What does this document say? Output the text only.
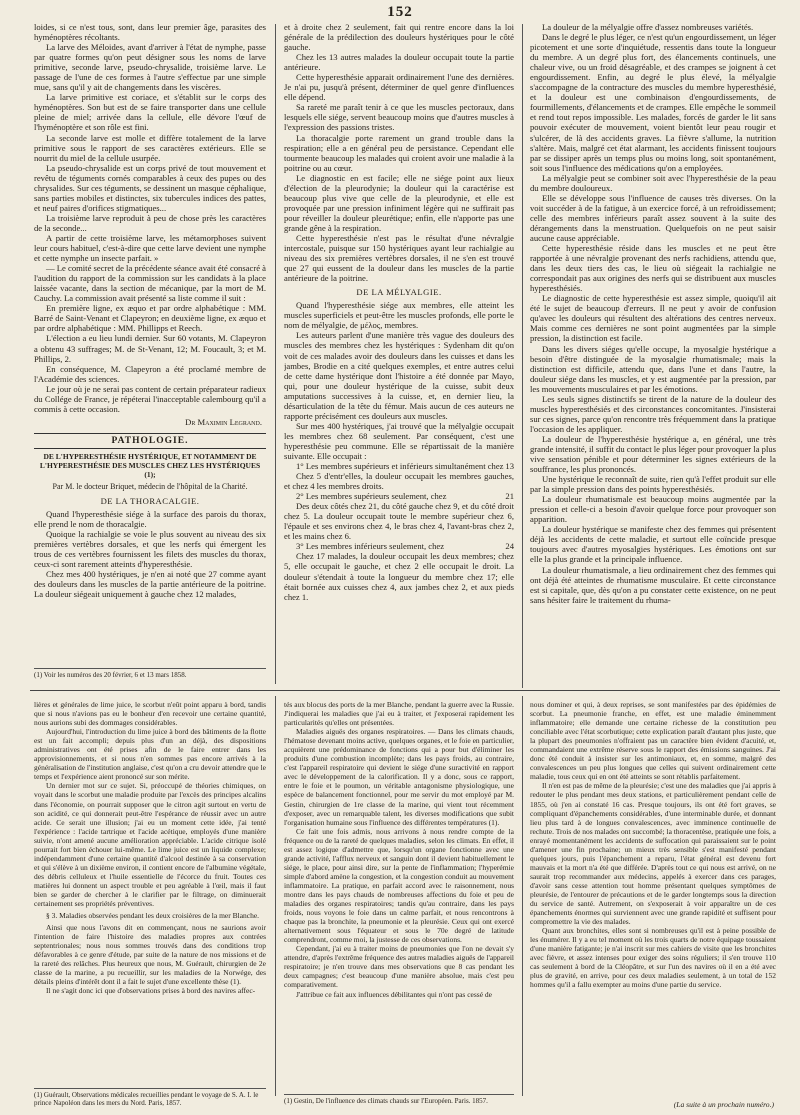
152

loides, si ce n'est tous, sont, dans leur premier âge, parasites des hyménoptères récoltants.

La larve des Méloides, avant d'arriver à l'état de nymphe, passe par quatre formes qu'on peut désigner sous les noms de larve primitive, seconde larve, pseudo-chrysalide, troisième larve. Le passage de l'une de ces formes à l'autre s'effectue par une simple mue, sans qu'il y ait de changements dans les viscères.

La larve primitive est coriace, et s'établit sur le corps des hyménoptères. Son but est de se faire transporter dans une cellule pleine de miel; arrivée dans la cellule, elle dévore l'œuf de l'hyménoptère et son rôle est fini.

La seconde larve est molle et diffère totalement de la larve primitive sous le rapport de ses caractères extérieurs. Elle se nourrit du miel de la cellule usurpée.

La pseudo-chrysalide est un corps privé de tout mouvement et revêtu de téguments cornés comparables à ceux des pupes ou des chrysalides. Sur ces téguments, se dessinent un masque céphalique, sans parties mobiles et distinctes, six tubercules indices des pattes, et neuf paires d'orifices stigmatiques...

La troisième larve reproduit à peu de chose près les caractères de la seconde...

A partir de cette troisième larve, les métamorphoses suivent leur cours habituel, c'est-à-dire que cette larve devient une nymphe et cette nymphe un insecte parfait. »

— Le comité secret de la précédente séance avait été consacré à l'audition du rapport de la commission sur les candidats à la place laissée vacante, dans la section de mécanique, par la mort de M. Cauchy. La commission avait présenté sa liste comme il suit :

En première ligne, ex æquo et par ordre alphabétique : MM. Barré de Saint-Venant et Clapeyron; en deuxième ligne, ex æquo et par ordre alphabétique : MM. Phillipps et Reech.

L'élection a eu lieu lundi dernier. Sur 60 votants, M. Clapeyron a obtenu 43 suffrages; M. de St-Venant, 12; M. Foucault, 3; et M. Phillips, 2.

En conséquence, M. Clapeyron a été proclamé membre de l'Académie des sciences.

Le jour où je ne serai pas content de certain préparateur radieux du Collége de France, je répéterai l'inacceptable calembourg qu'il a commis à cette occasion.

Dr Maximin Legrand.
PATHOLOGIE.
DE L'HYPERESTHÉSIE HYSTÉRIQUE, ET NOTAMMENT DE L'HYPERESTHÉSIE DES MUSCLES CHEZ LES HYSTÉRIQUES (1);
Par M. le docteur Briquet, médecin de l'hôpital de la Charité.
DE LA THORACALGIE.

Quand l'hyperesthésie siége à la surface des parois du thorax, elle prend le nom de thoracalgie.

Quoique la rachialgie se voie le plus souvent au niveau des six premières vertèbres dorsales, et que les nerfs qui émergent les trous de ces vertèbres fournissent les filets des muscles du thorax, ceux-ci sont rarement atteints d'hyperesthésie.

Chez mes 400 hystériques, je n'en ai noté que 27 comme ayant des douleurs dans les muscles de la partie antérieure de la poitrine. La douleur siégeait uniquement à gauche chez 12 malades,

(1) Voir les numéros des 20 février, 6 et 13 mars 1858.

et à droite chez 2 seulement, fait qui rentre encore dans la loi générale de la prédilection des douleurs hystériques pour le côté gauche.

Chez les 13 autres malades la douleur occupait toute la partie antérieure.

Cette hyperesthésie apparait ordinairement l'une des dernières. Je n'ai pu, jusqu'à présent, déterminer de quel genre d'influences elle dépend.

Sa rareté me paraît tenir à ce que les muscles pectoraux, dans lesquels elle siége, servent beaucoup moins que d'autres muscles à l'expression des passions tristes.

La thoracalgie porte rarement un grand trouble dans la respiration; elle a en général peu de persistance. Cependant elle tourmente beaucoup les malades qui croient avoir une maladie à la poitrine ou au cœur.

Le diagnostic en est facile; elle ne siége point aux lieux d'élection de la pleurodynie; la douleur qui la caractérise est beaucoup plus vive que celle de la pleurodynie, et elle est provoquée par une pression infiniment légère qui ne suffirait pas pour réveiller la douleur pleurétique; enfin, elle n'apporte pas une grande gêne à la respiration.

Cette hyperesthésie n'est pas le résultat d'une névralgie intercostale, puisque sur 150 hystériques ayant leur rachialgie au niveau des six premières vertèbres dorsales, il ne s'en est trouvé que 27 qui eussent de la douleur dans les muscles de la partie antérieure de la poitrine.

DE LA MÉLYALGIE.

Quand l'hyperesthésie siége aux membres, elle atteint les muscles superficiels et peut-être les muscles profonds, elle porte le nom de mélyalgie, de μέλος, membres.

Les auteurs parlent d'une manière très vague des douleurs des muscles des membres chez les hystériques : Sydenham dit qu'on voit de ces malades avoir des douleurs dans les cuisses et dans les jambes, Brodie en a cité quelques exemples, et entre autres celui de cette dame hystérique dont l'histoire a été donnée par Mayo, qui, pour une douleur hystérique de la cuisse, subit deux amputations successives à la cuisse, et, en dernier lieu, la désarticulation de la tête du fémur. Mais aucun de ces auteurs ne rapporte précisément ces douleurs aux muscles.

Sur mes 400 hystériques, j'ai trouvé que la mélyalgie occupait les membres chez 68 seulement. Par conséquent, c'est une hyperesthésie peu commune. Elle se répartissait de la manière suivante. Elle occupait :

1° Les membres supérieurs et inférieurs simultanément chez 13

Chez 5 d'entr'elles, la douleur occupait les membres gauches, et chez 4 les membres droits.

2° Les membres supérieurs seulement, chez	21

Des deux côtés chez 21, du côté gauche chez 9, et du côté droit chez 5. La douleur occupait toute le membre supérieur chez 6, l'épaule et ses environs chez 4, le bras chez 4, l'avant-bras chez 2, et les mains chez 6.

3° Les membres inférieurs seulement, chez	24

Chez 17 malades, la douleur occupait les deux membres; chez 5, elle occupait le gauche, et chez 2 elle occupait le droit. La douleur s'étendait à toute la longueur du membre chez 17; elle était bornée aux cuisses chez 4, aux jambes chez 2, et aux pieds chez 1.

La douleur de la mélyalgie offre d'assez nombreuses variétés.

Dans le degré le plus léger, ce n'est qu'un engourdissement, un léger picotement et une sorte d'inquiétude, ressentis dans toute la longueur du membre. A un degré plus fort, des élancements continuels, une chaleur vive, ou un froid désagréable, et des crampes se joignent à cet engourdissement. Enfin, au degré le plus élevé, la mélyalgie s'accompagne de la contracture des muscles du membre hyperesthésié, et la douleur est une combinaison d'engourdissements, de fourmillements, d'élancements et de crampes. Elle empêche le sommeil et rend tout repos impossible. Les malades, forcés de garder le lit sans pouvoir exécuter de mouvement, voient bientôt leur peau rougir et s'ulcérer, de là des accidents graves. La fièvre s'allume, la nutrition s'altère. Mais, malgré cet état alarmant, les accidents finissent toujours par se dissiper après un temps plus ou moins long, soit spontanément, soit sous l'influence des médications qu'on a employées.

La mélyalgie peut se combiner soit avec l'hyperesthésie de la peau du membre douloureux.

Elle se développe sous l'influence de causes très diverses. On la voit succéder à de la fatigue, à un exercice forcé, à un refroidissement; celle des membres inférieurs paraît assez souvent à la suite des dérangements dans la menstruation. Quelquefois on ne peut saisir aucune cause appréciable.

Cette hyperesthésie réside dans les muscles et ne peut être rapportée à une névralgie provenant des nerfs rachidiens, attendu que, dans les deux tiers des cas, le lieu où siégeait la rachialgie ne correspondait pas aux origines des nerfs qui se distribuent aux muscles hyperesthésiés.

Le diagnostic de cette hyperesthésie est assez simple, quoiqu'il ait été le sujet de beaucoup d'erreurs. Il ne peut y avoir de confusion qu'avec les douleurs qui résultent des altérations des centres nerveux. Mais comme ces dernières ne sont point augmentées par la simple pression, la distinction est facile.

Dans les divers siéges qu'elle occupe, la myosalgie hystérique a besoin d'être distinguée de la myosalgie rhumatismale; mais la distinction est difficile, attendu que, dans l'une et dans l'autre, la douleur siége dans les muscles, et y est augmentée par la pression, par les mouvements musculaires et par les émotions.

Les seuls signes distinctifs se tirent de la nature de la douleur des muscles hyperesthésiés et des circonstances concomitantes. J'insisterai sur ces signes, parce qu'on rencontre très fréquemment dans la pratique l'occasion de les appliquer.

La douleur de l'hyperesthésie hystérique a, en général, une très grande intensité, il suffit du contact le plus léger pour provoquer la plus vive sensation pénible et pour déterminer les signes extérieurs de la souffrance, les plus prononcés.

Une hystérique le reconnaît de suite, rien qu'à l'effet produit sur elle par la simple pression dans des points hyperesthésiés.

La douleur rhumatismale est beaucoup moins augmentée par la pression et celle-ci a besoin d'avoir quelque force pour provoquer son apparition.

La douleur hystérique se manifeste chez des femmes qui présentent déjà les accidents de cette maladie, et surtout elle coïncide presque toujours avec d'autres myosalgies hystériques. Les émotions ont sur elle la plus grande et la principale influence.

La douleur rhumatismale, a lieu ordinairement chez des femmes qui ont déjà été atteintes de rhumatisme musculaire. Et cette circonstance est si capitale, que, dès qu'on a pu constater cette existence, on ne peut sans hésiter faire le traitement du rhuma-

lières et générales de lime juice, le scorbut n'eût point apparu à bord, tandis que si nous n'avions pas eu le bonheur d'en recevoir une certaine quantité, nous aurions subi des dommages considérables.

Aujourd'hui, l'introduction du lime juice à bord des bâtiments de la flotte est un fait accompli; depuis plus d'un an déjà, des dispositions administratives ont été prises afin de le faire entrer dans les approvisionnements, et si nous n'en sommes pas encore arrivés à la généralisation de l'institution anglaise, c'est qu'on a cru devoir attendre que le temps et l'expérience aient prononcé sur son mérite.

Un dernier mot sur ce sujet. Si, préoccupé de théories chimiques, on voyait dans le scorbut une maladie produite par l'excès des principes alcalins dans l'économie, on pourrait supposer que le citron agit surtout en vertu de son acidité, ce qui donnerait peut-être l'espérance de réussir avec un autre acide. Ce serait une illusion; j'ai eu un moment cette idée, j'ai tenté l'expérience : l'acide tartrique et l'acide acétique, employés d'une manière suivie, n'ont amené aucune amélioration appréciable. L'acide citrique isolé pourrait fort bien échouer lui-même. Le lime juice est un liquide complexe; indépendamment d'une certaine quantité d'alcool destinée à sa conservation et qui s'élève à un dixième environ, il contient encore de l'albumine végétale, des débris celluleux et l'huile essentielle de l'écorce du fruit. Toutes ces matières lui donnent un aspect trouble et peu agréable à l'œil, mais il faut bien se garder de chercher à le clarifier par le filtrage, on diminuerait certainement ses propriétés préventives.

§ 3. Maladies observées pendant les deux croisières de la mer Blanche.

Ainsi que nous l'avons dit en commençant, nous ne saurions avoir l'intention de faire l'histoire des maladies propres aux contrées septentrionales; nous nous sommes trouvés dans des conditions trop défavorables à ce genre d'étude, par suite de la nature de nos missions et de la rareté des relâches. Plus heureux que nous, M. Guérault, chirurgien de 2e classe de la marine, a pu recueillir, sur les maladies de la Norwége, des détails pleins d'intérêt dont il a fait le sujet d'une excellente thèse (1).

Il ne s'agit donc ici que d'observations prises à bord des navires affec-

(1) Guérault, Observations médicales recueillies pendant le voyage de S. A. I. le prince Napoléon dans les mers du Nord. Paris, 1857.

tés aux blocus des ports de la mer Blanche, pendant la guerre avec la Russie. J'indiquerai les maladies que j'ai eu à traiter, et j'exposerai rapidement les particularités qu'elles ont présentées.

Maladies aiguës des organes respiratoires. — Dans les climats chauds, l'hématose devenant moins active, quelques organes, et le foie en particulier, acquièrent une prédominance de fonctions qui a pour but d'éliminer les produits d'une combustion incomplète; dans les pays froids, au contraire, c'est l'appareil respiratoire qui devient le siége d'une suractivité en rapport avec le développement de la calorification. Il y a donc, sous ce rapport, entre le foie et le poumon, un véritable antagonisme physiologique, une espèce de balancement fonctionnel, pour me servir du mot employé par M. Gestin, chirurgien de 1re classe de la marine, qui vient tout récemment d'exposer, avec un remarquable talent, les diverses modifications que subit l'organisation humaine sous l'influence des différentes températures (1).

Ce fait une fois admis, nous arrivons à nous rendre compte de la fréquence ou de la rareté de quelques maladies, selon les climats. En effet, il est assez logique d'admettre que, lorsqu'un organe fonctionne avec une grande activité, l'afflux nerveux et sanguin dont il devient habituellement le siége, le place, pour ainsi dire, sur la pente de l'inflammation; l'hyperémie simple d'abord amène la congestion, et la congestion conduit au mouvement inflammatoire. La pratique, en parfait accord avec le raisonnement, nous montre dans les pays chauds de nombreuses affections du foie et peu de maladies des organes respiratoires; tandis qu'au contraire, dans les pays froids, nous voyons le foie dans un calme parfait, et nous rencontrons à chaque pas la bronchite, la pneumonie et la pleurésie. Ceux qui ont exercé alternativement sous l'équateur et sous le 70e degré de latitude comprendront, comme moi, la justesse de ces observations.

Cependant, j'ai eu à traiter moins de pneumonies que l'on ne devait s'y attendre, d'après l'extrême fréquence des autres maladies aiguës de l'appareil respiratoire; je n'en trouve dans mes observations que 8 cas pendant les deux campagnes; c'est beaucoup d'une manière absolue, mais c'est peu comparativement.

J'attribue ce fait aux influences débilitantes qui n'ont pas cessé de

(1) Gestin, De l'influence des climats chauds sur l'Européen. Paris. 1857.

nous dominer et qui, à deux reprises, se sont manifestées par des épidémies de scorbut. La pneumonie franche, en effet, est une maladie éminemment inflammatoire; elle demande une certaine richesse de la constitution peu conciliable avec l'état scorbutique; cette explication paraît d'autant plus juste, que la plupart des pneumonies n'offraient pas un caractère bien évident d'acuité, et, commandaient une extrême réserve sous le rapport des émissions sanguines. J'ai donc été conduit à insister sur les antimoniaux, et, en somme, malgré des convalescences un peu plus longues que celles qui suivent ordinairement cette maladie, tous ceux qui en ont été atteints se sont rétablis parfaitement.

Il n'en est pas de même de la pleurésie; c'est une des maladies que j'ai appris à redouter le plus pendant mes deux stations, et particulièrement pendant celle de 1855, où j'en ai constaté 16 cas. Presque toujours, ils ont été fort graves, se compliquant d'épanchements considérables, d'une interminable durée, et donnant lieu plus tard à de longues convalescences, avec imminence continuelle de rechute. Trois de nos malades ont succombé; la thoracentèse, pratiquée une fois, a enrayé momentanément les accidents de suffocation qui paraissaient sur le point d'amener une fin prochaine; un mieux très sensible s'est manifesté pendant quelques jours, puis l'épanchement a reparu, l'état général est devenu fort mauvais et la mort n'a été que différée. D'après tout ce qui nous est arrivé, on ne saurait trop recommander aux médecins, appelés à exercer dans ces parages, d'avoir sans cesse attention tout homme présentant quelques symptômes de pleurésie, de l'entourer de précautions et de le garder longtemps sous la direction du service de santé. Autrement, on s'exposerait à voir apparaître un de ces épanchements énormes qui surviennent avec une grande rapidité et suffisent pour compromettre la vie des malades.

Quant aux bronchites, elles sont si nombreuses qu'il est à peine possible de les énumérer. Il y a eu tel moment où les trois quarts de notre équipage toussaient d'une manière fatigante; je n'ai inscrit sur mes cahiers de visite que les bronchites avec fièvre, et assez intenses pour exiger des soins réguliers; il s'en trouve 110 cas seulement à bord de la Cléopâtre, et sur l'un des navires où il en a été avec plus de gravité, en arrive, pour ces deux maladies seulement, à un total de 152 hommes qu'il a fallu exempter au moins d'une partie du service.

(La suite à un prochain numéro.)
